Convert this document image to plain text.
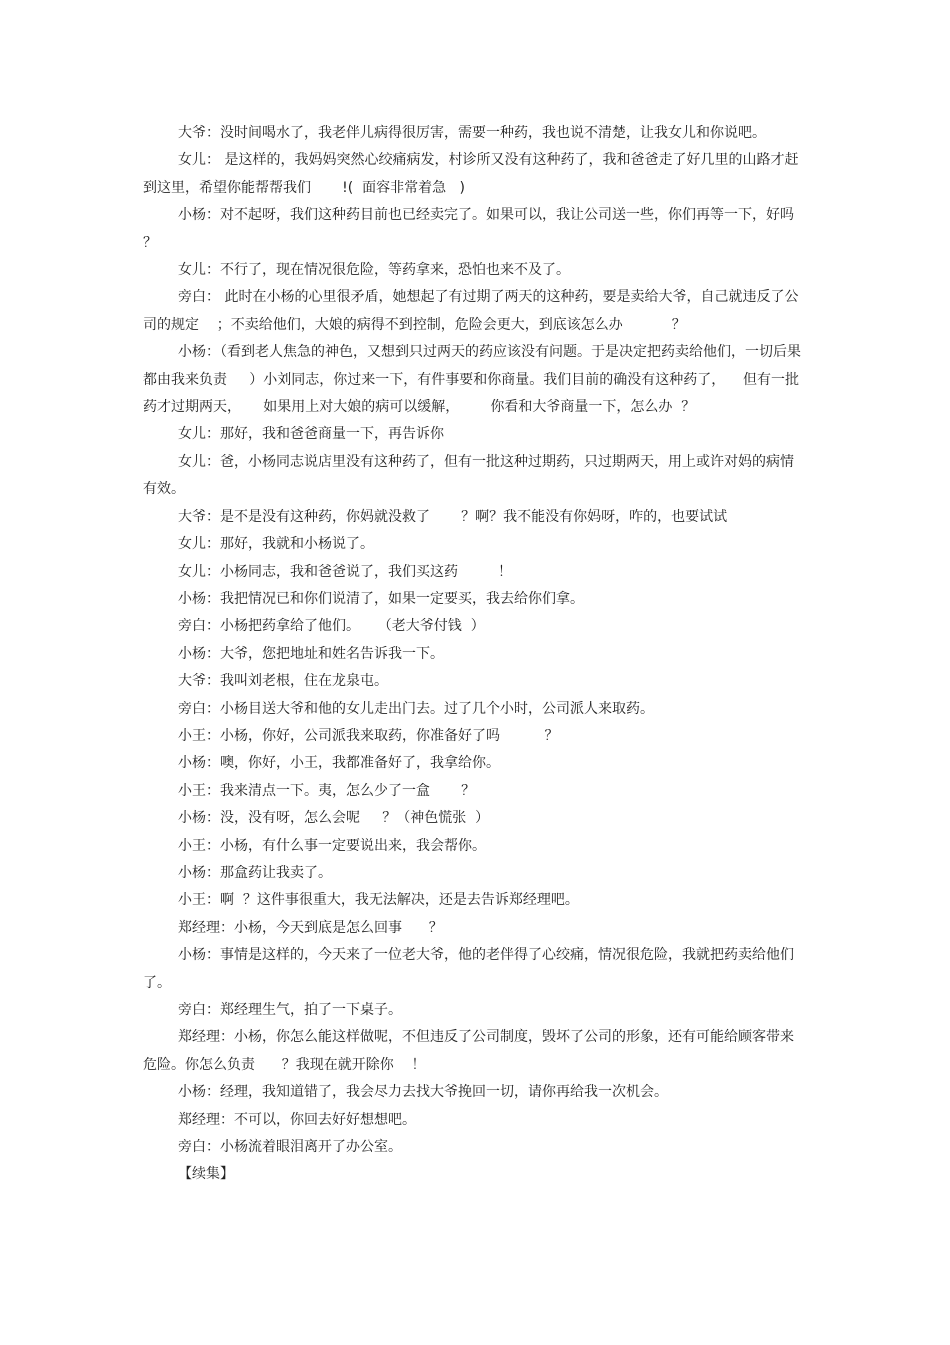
大爷：没时间喝水了，我老伴儿病得很厉害，需要一种药，我也说不清楚，让我女儿和你说吧。

女儿： 是这样的，我妈妈突然心绞痛病发，村诊所又没有这种药了，我和爸爸走了好几里的山路才赶到这里，希望你能帮帮我们       !(  面容非常着急   )

小杨：对不起呀，我们这种药目前也已经卖完了。如果可以，我让公司送一些，你们再等一下，好吗  ？

女儿：不行了，现在情况很危险，等药拿来，恐怕也来不及了。

旁白： 此时在小杨的心里很矛盾，她想起了有过期了两天的这种药，要是卖给大爷，自己就违反了公司的规定    ；不卖给他们，大娘的病得不到控制，危险会更大，到底该怎么办           ？

小杨：（看到老人焦急的神色，又想到只过两天的药应该没有问题。于是决定把药卖给他们，一切后果都由我来负责     ）小刘同志，你过来一下，有件事要和你商量。我们目前的确没有这种药了，    但有一批药才过期两天，     如果用上对大娘的病可以缓解，       你看和大爷商量一下，怎么办  ？

女儿：那好，我和爸爸商量一下，再告诉你

女儿：爸，小杨同志说店里没有这种药了，但有一批这种过期药，只过期两天，用上或许对妈的病情有效。

大爷：是不是没有这种药，你妈就没救了       ？啊？我不能没有你妈呀，咋的，也要试试

女儿：那好，我就和小杨说了。

女儿：小杨同志，我和爸爸说了，我们买这药         ！

小杨：我把情况已和你们说清了，如果一定要买，我去给你们拿。

旁白：小杨把药拿给了他们。    （老大爷付钱  ）

小杨：大爷，您把地址和姓名告诉我一下。

大爷：我叫刘老根，住在龙泉屯。

旁白：小杨目送大爷和他的女儿走出门去。过了几个小时，公司派人来取药。

小王：小杨，你好，公司派我来取药，你准备好了吗          ？

小杨：噢，你好，小王，我都准备好了，我拿给你。

小王：我来清点一下。夷，怎么少了一盒       ？

小杨：没，没有呀，怎么会呢     ？（神色慌张  ）

小王：小杨，有什么事一定要说出来，我会帮你。

小杨：那盒药让我卖了。

小王：啊  ？这件事很重大，我无法解决，还是去告诉郑经理吧。

郑经理：小杨，今天到底是怎么回事      ？

小杨：事情是这样的，今天来了一位老大爷，他的老伴得了心绞痛，情况很危险，我就把药卖给他们了。

旁白：郑经理生气，拍了一下桌子。

郑经理：小杨，你怎么能这样做呢，不但违反了公司制度，毁坏了公司的形象，还有可能给顾客带来危险。你怎么负责      ？我现在就开除你    ！

小杨：经理，我知道错了，我会尽力去找大爷挽回一切，请你再给我一次机会。

郑经理：不可以，你回去好好想想吧。

旁白：小杨流着眼泪离开了办公室。

【续集】
